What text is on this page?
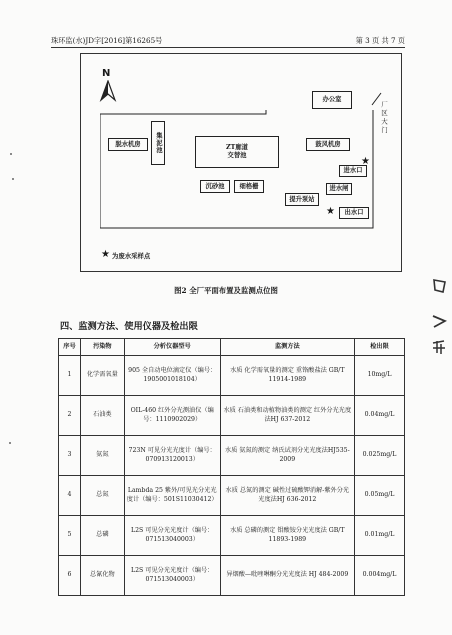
珠环监(水)JD字[2016]第16265号	第 3 页 共 7 页
N
厂区大门
办公室
集泥池
脱水机房
ZT廊道
交替池
鼓风机房
沉砂池	细格栅
提升泵站
进水闸
进水口
出水口
★
★
★ 为废水采样点
图2 全厂平面布置及监测点位图
四、监测方法、使用仪器及检出限
序号	污染物	分析仪器型号	监测方法	检出限
1	化学需氧量	905 全自动电位滴定仪（编号：1905001018104）	水质 化学需氧量的测定 重铬酸盐法 GB/T 11914-1989	10mg/L
2	石油类	OIL-460 红外分光测油仪（编号：1110902029）	水质 石油类和动植物油类的测定 红外分光光度法HJ 637-2012	0.04mg/L
3	氨氮	723N 可见分光光度计（编号：070913120013）	水质 氨氮的测定 纳氏试剂分光光度法HJ535-2009	0.025mg/L
4	总氮	Lambda 25 紫外/可见光分光光度计（编号：501S11030412）	水质 总氮的测定 碱性过硫酸钾消解-紫外分光光度法HJ 636-2012	0.05mg/L
5	总磷	L2S 可见分光光度计（编号：071513040003）	水质 总磷的测定 钼酸铵分光光度法 GB/T 11893-1989	0.01mg/L
6	总氰化物	L2S 可见分光光度计（编号：071513040003）	异烟酸—吡唑啉酮分光光度法 HJ 484-2009	0.004mg/L
